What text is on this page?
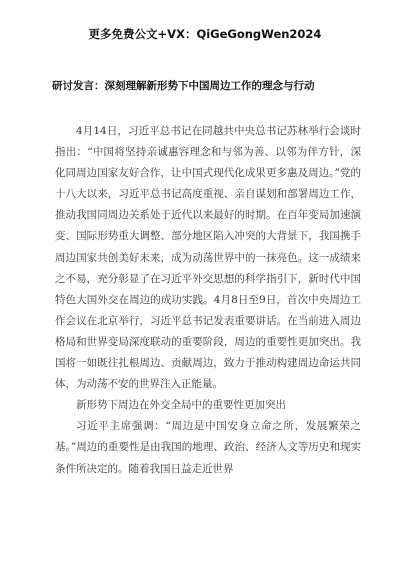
更多免费公文+VX：QiGeGongWen2024
研讨发言：深刻理解新形势下中国周边工作的理念与行动

4月14日，习近平总书记在同越共中央总书记苏林举行会谈时指出：“中国将坚持亲诚惠容理念和与邻为善、以邻为伴方针，深化同周边国家友好合作，让中国式现代化成果更多惠及周边。”党的十八大以来，习近平总书记高度重视、亲自谋划和部署周边工作，推动我国同周边关系处于近代以来最好的时期。在百年变局加速演变、国际形势重大调整、部分地区陷入冲突的大背景下，我国携手周边国家共创美好未来，成为动荡世界中的一抹亮色。这一成绩来之不易，充分彰显了在习近平外交思想的科学指引下，新时代中国特色大国外交在周边的成功实践。4月8日至9日，首次中央周边工作会议在北京举行，习近平总书记发表重要讲话。在当前进入周边格局和世界变局深度联动的重要阶段，周边的重要性更加突出。我国将一如既往扎根周边、贡献周边，致力于推动构建周边命运共同体，为动荡不安的世界注入正能量。

新形势下周边在外交全局中的重要性更加突出

习近平主席强调：“周边是中国安身立命之所，发展繁荣之基。”周边的重要性是由我国的地理、政治、经济人文等历史和现实条件所决定的。随着我国日益走近世界
